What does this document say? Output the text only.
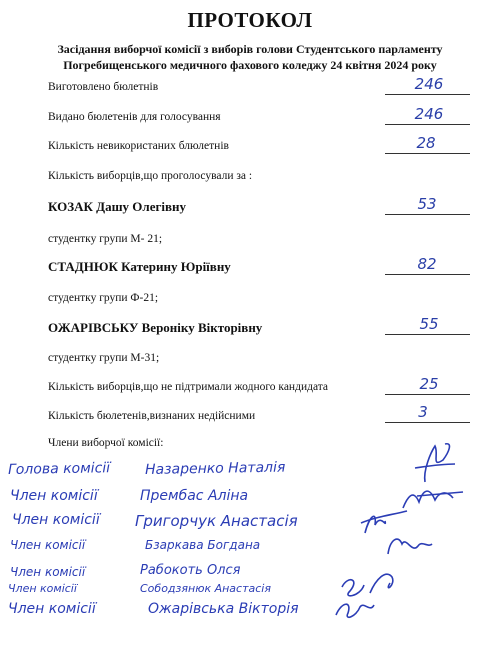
ПРОТОКОЛ
Засідання виборчої комісії з виборів голови Студентського парламенту
Погребищенського медичного фахового коледжу 24 квітня 2024 року
Виготовлено бюлетнів	246
Видано бюлетенів для голосування	246
Кількість невикористаних блюлетнів	28
Кількість виборців,що проголосували за :
КОЗАК Дашу Олегівну	53
студентку групи М- 21;
СТАДНЮК Катерину Юріївну	82
студентку групи Ф-21;
ОЖАРІВСЬКУ Вероніку Вікторівну	55
студентку групи М-31;
Кількість виборців,що не підтримали жодного кандидата	25
Кількість бюлетенів,визнаних недійсними	3
Члени виборчої комісії:
Голова комісії Назаренко Наталія
Член комісії	Прембас Аліна
Член комісії Григорчук Анастасія
Член комісії	Бзаркава Богдана
Член комісії	Рабокоть Олся
Член комісії	Сободзянюк Анастасія
Член комісії	Ожарівська Вікторія
